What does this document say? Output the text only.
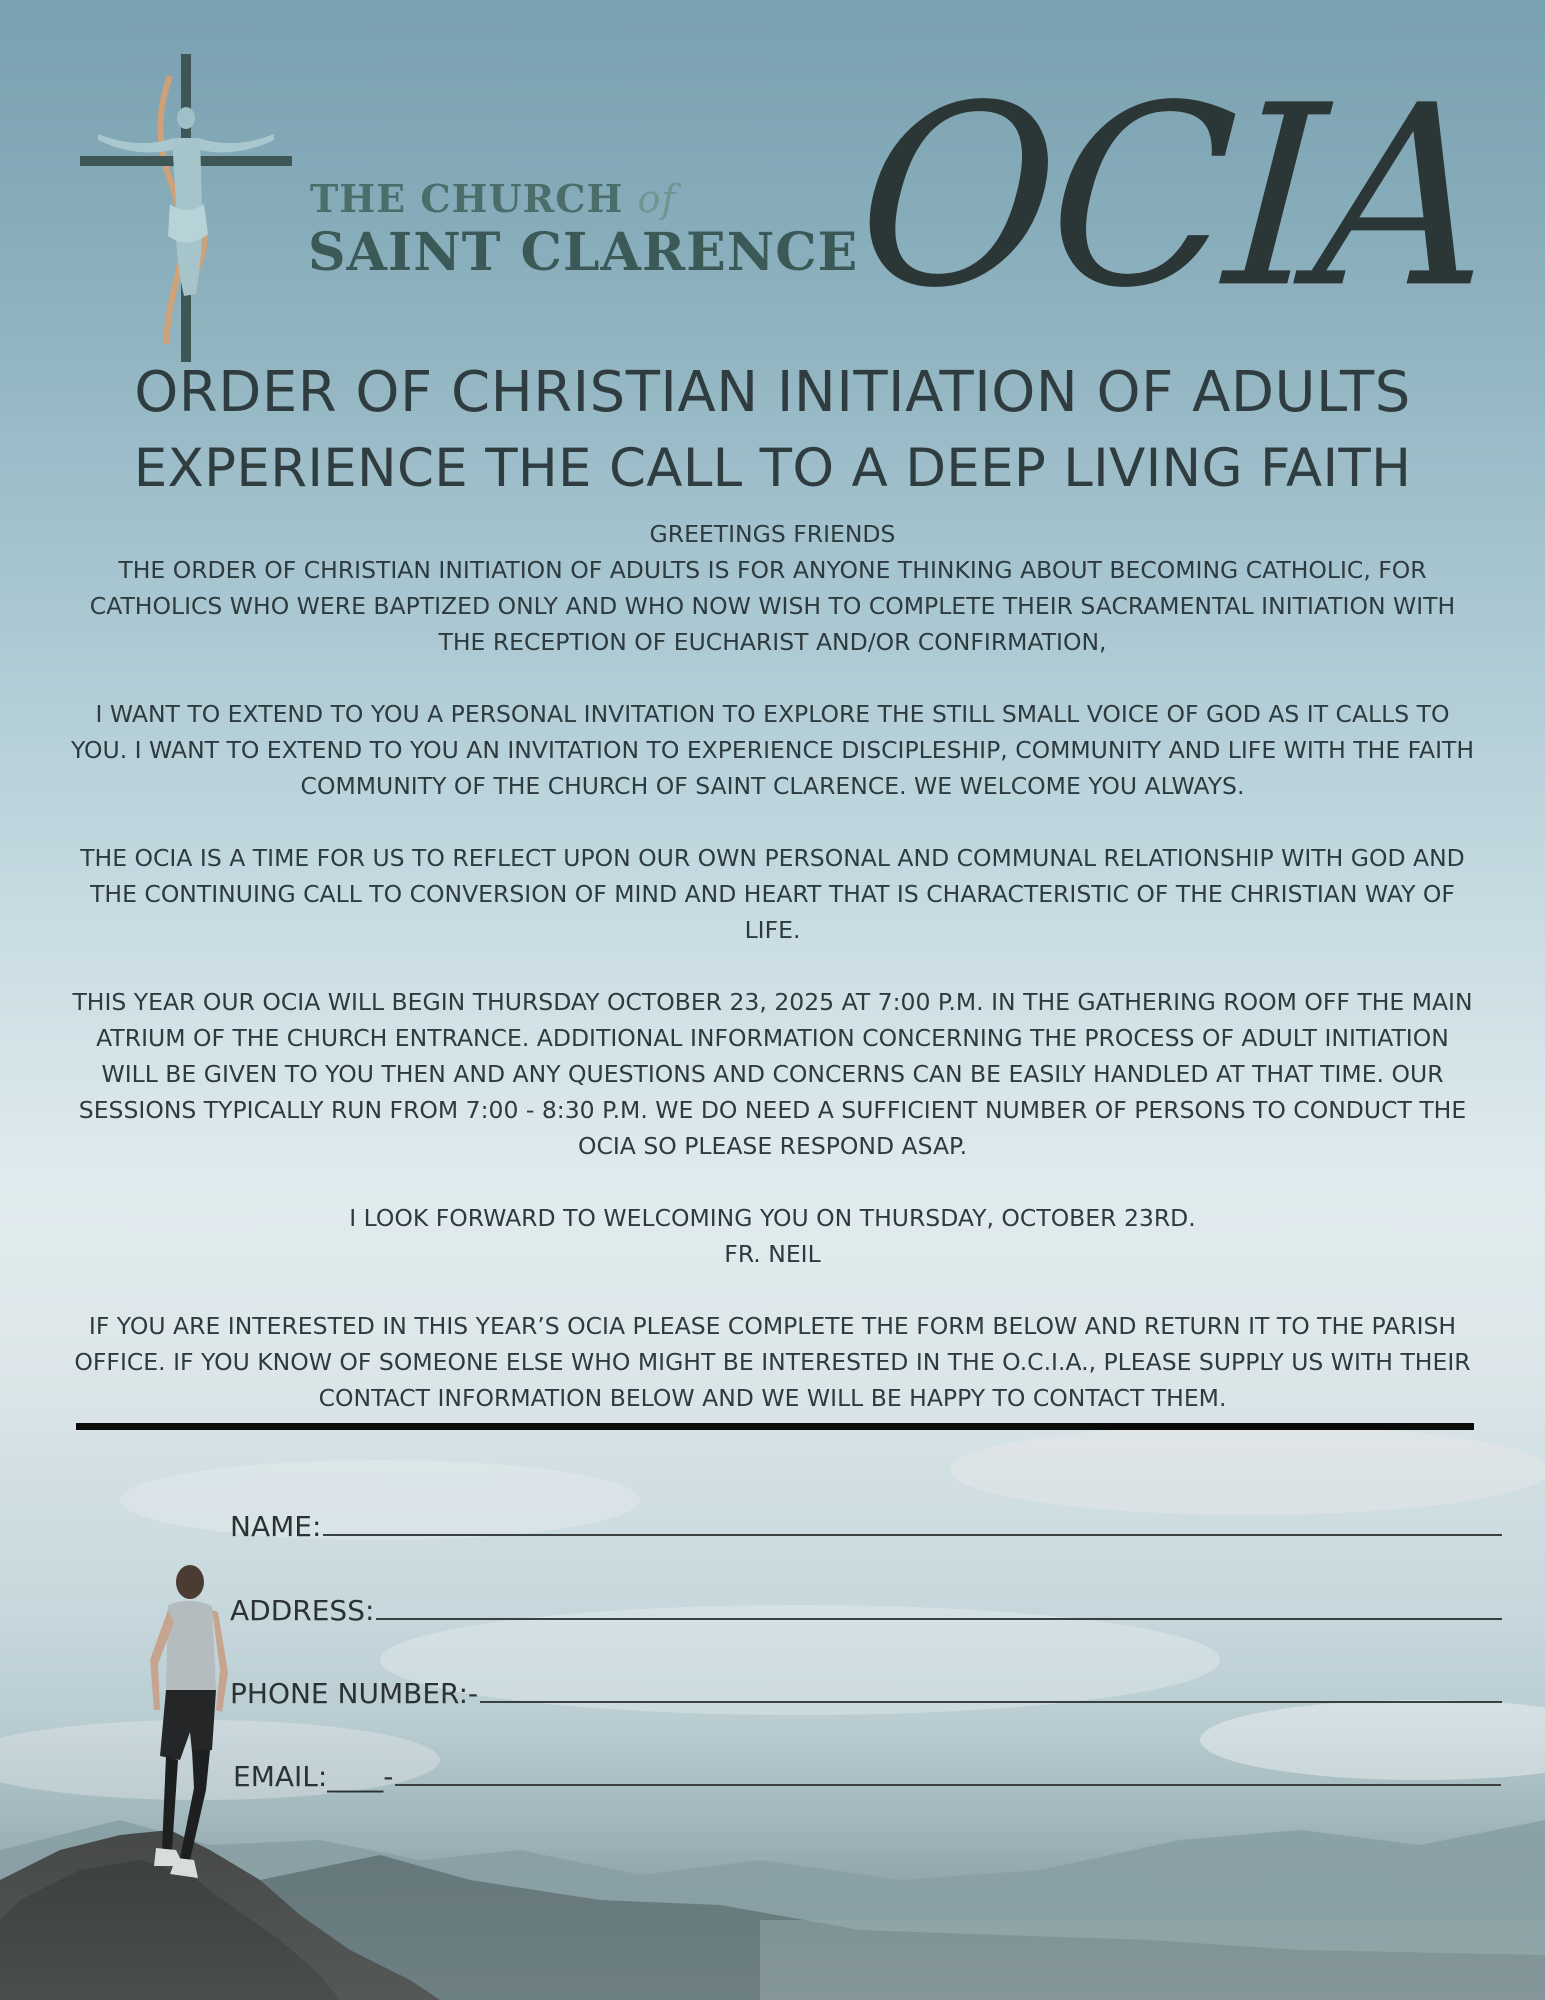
THE CHURCH of
SAINT CLARENCE
OCIA
ORDER OF CHRISTIAN INITIATION OF ADULTS
EXPERIENCE THE CALL TO A DEEP LIVING FAITH

GREETINGS FRIENDS

THE ORDER OF CHRISTIAN INITIATION OF ADULTS IS FOR ANYONE THINKING ABOUT BECOMING CATHOLIC, FOR CATHOLICS WHO WERE BAPTIZED ONLY AND WHO NOW WISH TO COMPLETE THEIR SACRAMENTAL INITIATION WITH THE RECEPTION OF EUCHARIST AND/OR CONFIRMATION,

I WANT TO EXTEND TO YOU A PERSONAL INVITATION TO EXPLORE THE STILL SMALL VOICE OF GOD AS IT CALLS TO YOU. I WANT TO EXTEND TO YOU AN INVITATION TO EXPERIENCE DISCIPLESHIP, COMMUNITY AND LIFE WITH THE FAITH COMMUNITY OF THE CHURCH OF SAINT CLARENCE. WE WELCOME YOU ALWAYS.

THE OCIA IS A TIME FOR US TO REFLECT UPON OUR OWN PERSONAL AND COMMUNAL RELATIONSHIP WITH GOD AND THE CONTINUING CALL TO CONVERSION OF MIND AND HEART THAT IS CHARACTERISTIC OF THE CHRISTIAN WAY OF LIFE.

THIS YEAR OUR OCIA WILL BEGIN THURSDAY OCTOBER 23, 2025 AT 7:00 P.M. IN THE GATHERING ROOM OFF THE MAIN ATRIUM OF THE CHURCH ENTRANCE. ADDITIONAL INFORMATION CONCERNING THE PROCESS OF ADULT INITIATION WILL BE GIVEN TO YOU THEN AND ANY QUESTIONS AND CONCERNS CAN BE EASILY HANDLED AT THAT TIME. OUR SESSIONS TYPICALLY RUN FROM 7:00 - 8:30 P.M. WE DO NEED A SUFFICIENT NUMBER OF PERSONS TO CONDUCT THE OCIA SO PLEASE RESPOND ASAP.

I LOOK FORWARD TO WELCOMING YOU ON THURSDAY, OCTOBER 23RD.

FR. NEIL

IF YOU ARE INTERESTED IN THIS YEAR’S OCIA PLEASE COMPLETE THE FORM BELOW AND RETURN IT TO THE PARISH OFFICE. IF YOU KNOW OF SOMEONE ELSE WHO MIGHT BE INTERESTED IN THE O.C.I.A., PLEASE SUPPLY US WITH THEIR CONTACT INFORMATION BELOW AND WE WILL BE HAPPY TO CONTACT THEM.

NAME:
ADDRESS:
PHONE NUMBER:-
EMAIL:____-
